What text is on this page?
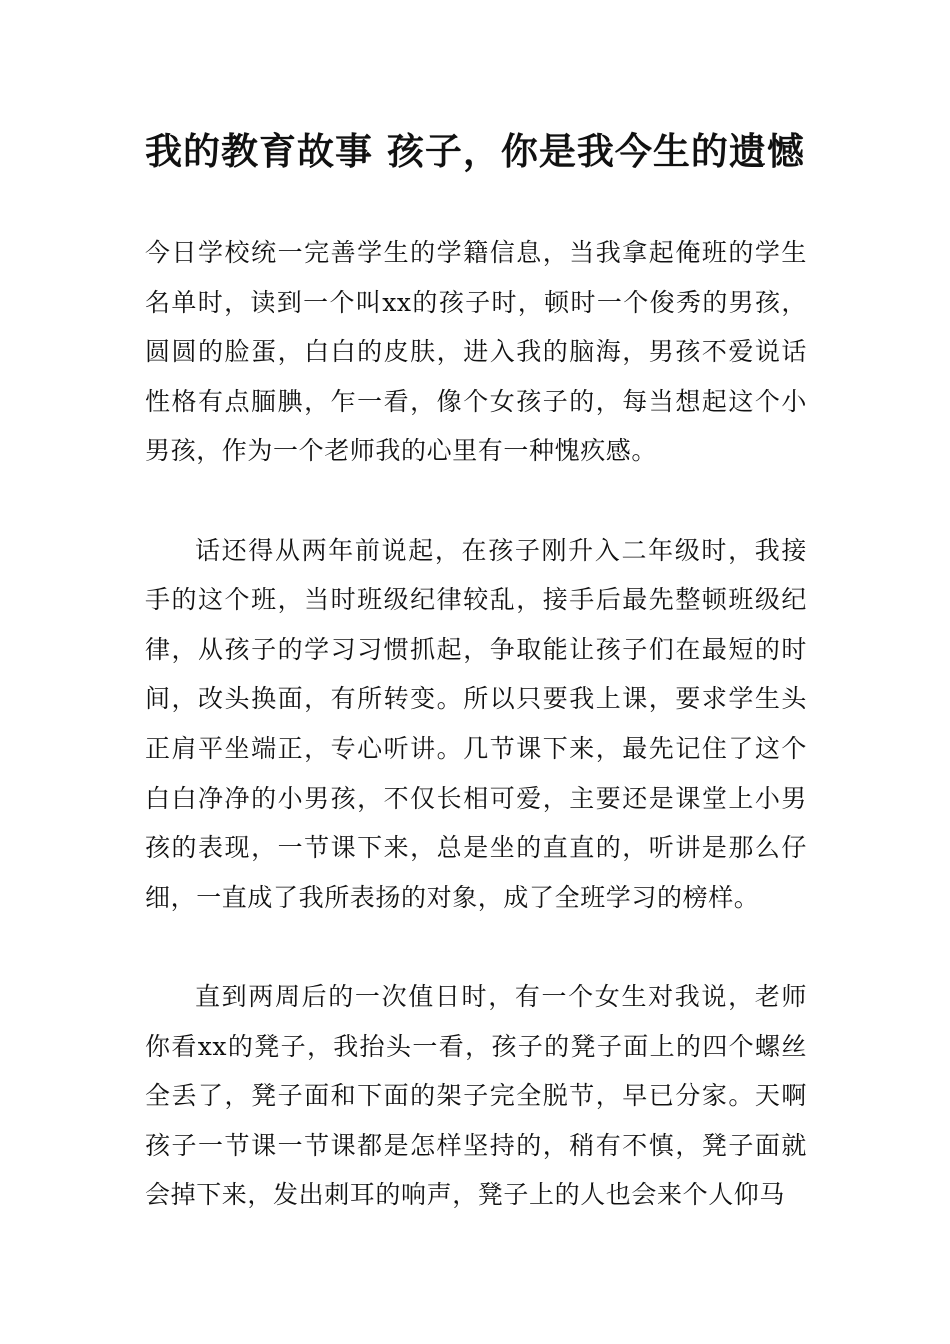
我的教育故事 孩子，你是我今生的遗憾

今日学校统一完善学生的学籍信息，当我拿起俺班的学生名单时，读到一个叫xx的孩子时，顿时一个俊秀的男孩，圆圆的脸蛋，白白的皮肤，进入我的脑海，男孩不爱说话性格有点腼腆，乍一看，像个女孩子的，每当想起这个小男孩，作为一个老师我的心里有一种愧疚感。

话还得从两年前说起，在孩子刚升入二年级时，我接手的这个班，当时班级纪律较乱，接手后最先整顿班级纪律，从孩子的学习习惯抓起，争取能让孩子们在最短的时间，改头换面，有所转变。所以只要我上课，要求学生头正肩平坐端正，专心听讲。几节课下来，最先记住了这个白白净净的小男孩，不仅长相可爱，主要还是课堂上小男孩的表现，一节课下来，总是坐的直直的，听讲是那么仔细，一直成了我所表扬的对象，成了全班学习的榜样。

直到两周后的一次值日时，有一个女生对我说，老师你看xx的凳子，我抬头一看，孩子的凳子面上的四个螺丝全丢了，凳子面和下面的架子完全脱节，早已分家。天啊孩子一节课一节课都是怎样坚持的，稍有不慎，凳子面就会掉下来，发出刺耳的响声，凳子上的人也会来个人仰马
